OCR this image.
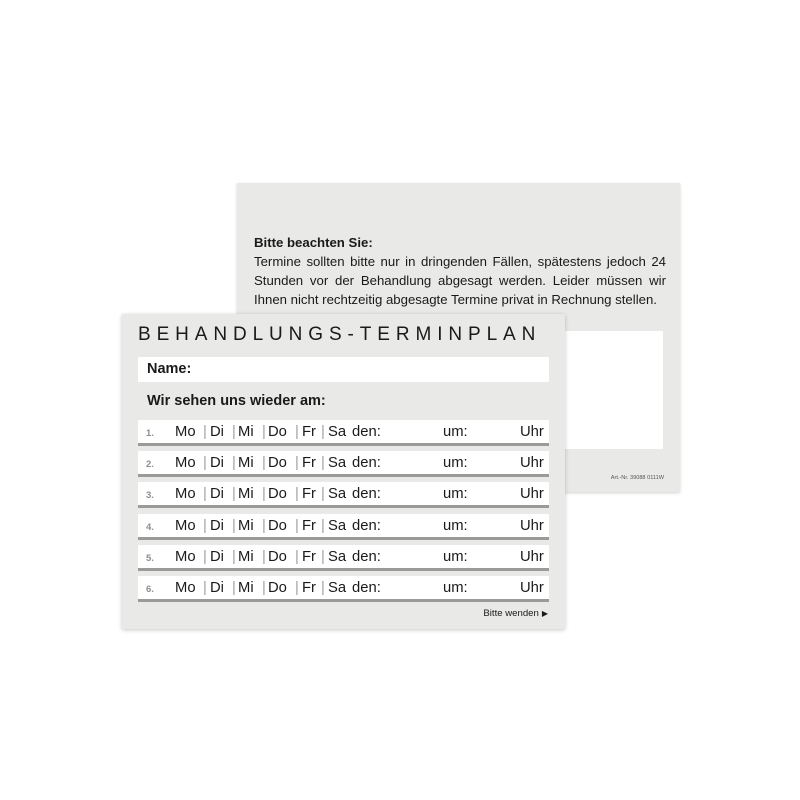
Bitte beachten Sie:
Termine sollten bitte nur in dringenden Fällen, spätestens jedoch 24 Stunden vor der Behandlung abgesagt werden. Leider müssen wir Ihnen nicht rechtzeitig abgesagte Termine privat in Rechnung stellen.
Art.-Nr. 39088 0111W
BEHANDLUNGS-TERMINPLAN
Name:
Wir sehen uns wieder am:
1. Mo | Di | Mi | Do | Fr | Sa den:	um:	Uhr
2. Mo | Di | Mi | Do | Fr | Sa den:	um:	Uhr
3. Mo | Di | Mi | Do | Fr | Sa den:	um:	Uhr
4. Mo | Di | Mi | Do | Fr | Sa den:	um:	Uhr
5. Mo | Di | Mi | Do | Fr | Sa den:	um:	Uhr
6. Mo | Di | Mi | Do | Fr | Sa den:	um:	Uhr
Bitte wenden ▶
